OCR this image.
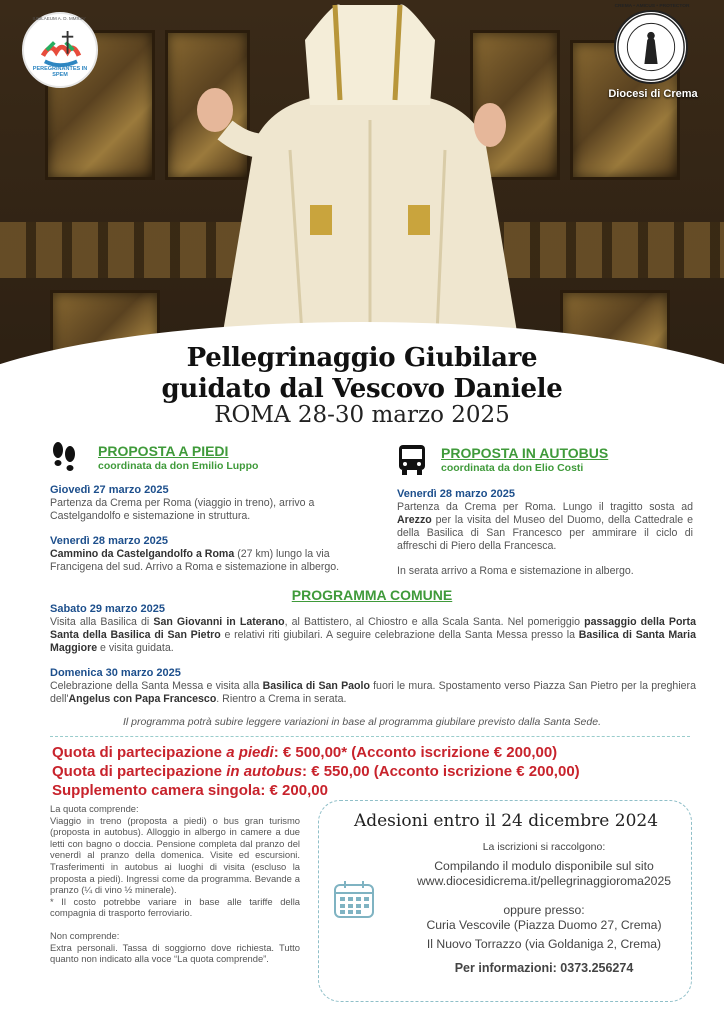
PEREGRINANTES IN SPEM
IUBILAEUM A. D. MMXXV
CREMA • AMICUS • PROTECTOR
Diocesi di Crema
Pellegrinaggio Giubilare
guidato dal Vescovo Daniele
ROMA 28-30 marzo 2025
PROPOSTA A PIEDI
coordinata da don Emilio Luppo
Giovedì 27 marzo 2025
Partenza da Crema per Roma (viaggio in treno), arrivo a Castelgandolfo e sistemazione in struttura.
Venerdì 28 marzo 2025
Cammino da Castelgandolfo a Roma (27 km) lungo la via Francigena del sud. Arrivo a Roma e sistemazione in albergo.
PROPOSTA IN AUTOBUS
coordinata da don Elio Costi
Venerdì 28 marzo 2025
Partenza da Crema per Roma. Lungo il tragitto sosta ad Arezzo per la visita del Museo del Duomo, della Cattedrale e della Basilica di San Francesco per ammirare il ciclo di affreschi di Piero della Francesca.
In serata arrivo a Roma e sistemazione in albergo.
PROGRAMMA COMUNE
Sabato 29 marzo 2025
Visita alla Basilica di San Giovanni in Laterano, al Battistero, al Chiostro e alla Scala Santa. Nel pomeriggio passaggio della Porta Santa della Basilica di San Pietro e relativi riti giubilari. A seguire celebrazione della Santa Messa presso la Basilica di Santa Maria Maggiore e visita guidata.
Domenica 30 marzo 2025
Celebrazione della Santa Messa e visita alla Basilica di San Paolo fuori le mura. Spostamento verso Piazza San Pietro per la preghiera dell'Angelus con Papa Francesco. Rientro a Crema in serata.
Il programma potrà subire leggere variazioni in base al programma giubilare previsto dalla Santa Sede.
Quota di partecipazione a piedi: € 500,00* (Acconto iscrizione € 200,00)
Quota di partecipazione in autobus: € 550,00 (Acconto iscrizione € 200,00)
Supplemento camera singola: € 200,00
La quota comprende:
Viaggio in treno (proposta a piedi) o bus gran turismo (proposta in autobus). Alloggio in albergo in camere a due letti con bagno o doccia. Pensione completa dal pranzo del venerdì al pranzo della domenica. Visite ed escursioni. Trasferimenti in autobus ai luoghi di visita (escluso la proposta a piedi). Ingressi come da programma. Bevande a pranzo (¼ di vino ½ minerale).
* Il costo potrebbe variare in base alle tariffe della compagnia di trasporto ferroviario.
Non comprende:
Extra personali. Tassa di soggiorno dove richiesta. Tutto quanto non indicato alla voce “La quota comprende”.
Adesioni entro il 24 dicembre 2024
La iscrizioni si raccolgono:
Compilando il modulo disponibile sul sito
www.diocesidicrema.it/pellegrinaggioroma2025
oppure presso:
Curia Vescovile (Piazza Duomo 27, Crema)
Il Nuovo Torrazzo (via Goldaniga 2, Crema)
Per informazioni: 0373.256274
